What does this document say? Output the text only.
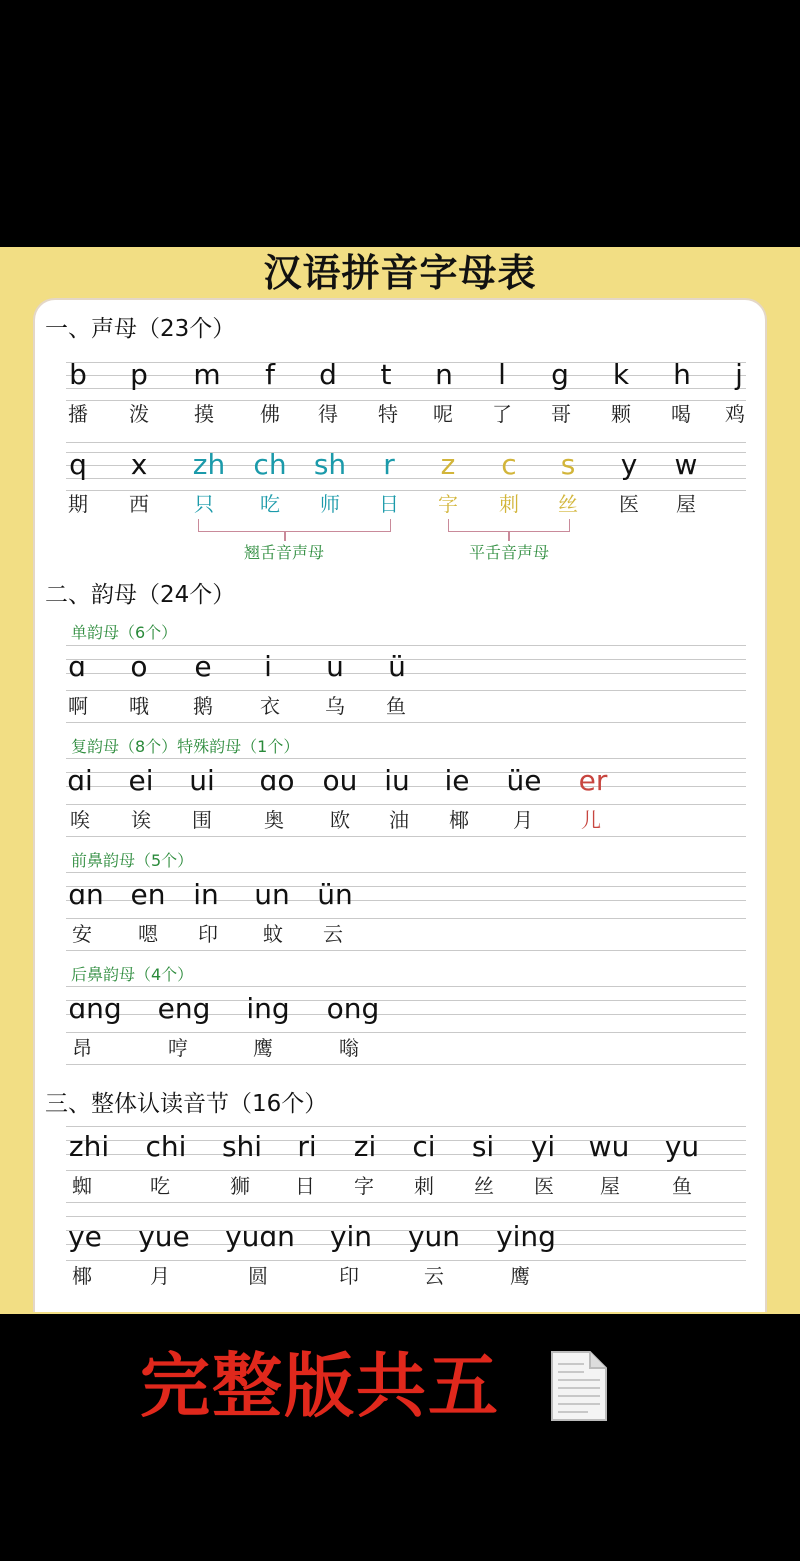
汉语拼音字母表
一、声母（23个）
b p m f d t n l g k h j
播 泼 摸 佛 得 特 呢 了 哥 颗 喝 鸡
q x zh ch sh r z c s y w
期 西 只 吃 师 日 字 刺 丝 医 屋
翘舌音声母	平舌音声母
二、韵母（24个）
单韵母（6个）
ɑ o e i u ü
啊 哦 鹅 衣 乌 鱼
复韵母（8个）特殊韵母（1个）
ɑi ei ui ɑo ou iu ie üe er
唉 诶 围	奥 欧 油 椰 月 儿
前鼻韵母（5个）
ɑn en in un ün
安 嗯 印 蚊 云
后鼻韵母（4个）
ɑng eng ing ong
昂	哼	鹰	嗡
三、整体认读音节（16个）
zhi chi shi ri zi ci si yi wu yu
蜘	吃	狮 日 字 刺 丝 医 屋	鱼
ye yue yuɑn yin yun ying
椰	月	圆	印	云	鹰
完整版共五
